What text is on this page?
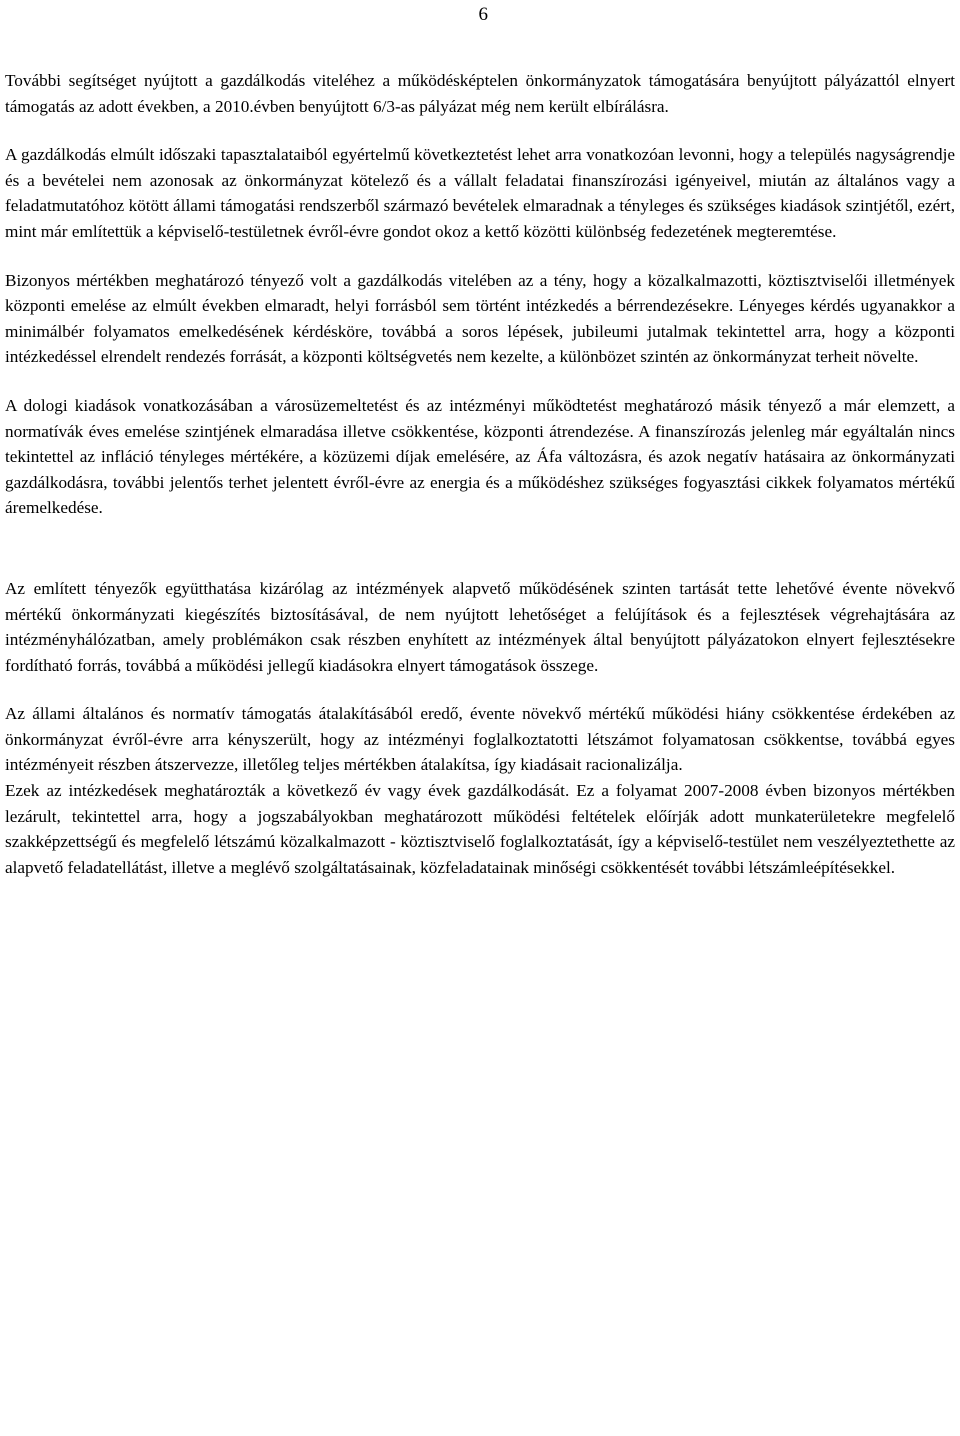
6

További segítséget nyújtott a gazdálkodás viteléhez a működésképtelen önkormányzatok támogatására benyújtott pályázattól elnyert támogatás az adott években, a 2010.évben benyújtott 6/3-as pályázat még nem került elbírálásra.

A gazdálkodás elmúlt időszaki tapasztalataiból egyértelmű következtetést lehet arra vonatkozóan levonni, hogy a település nagyságrendje és a bevételei nem azonosak az önkormányzat kötelező és a vállalt feladatai finanszírozási igényeivel, miután az általános vagy a feladatmutatóhoz kötött állami támogatási rendszerből származó bevételek elmaradnak a tényleges és szükséges kiadások szintjétől, ezért, mint már említettük a képviselő-testületnek évről-évre gondot okoz a kettő közötti különbség fedezetének megteremtése.

Bizonyos mértékben meghatározó tényező volt a gazdálkodás vitelében az a tény, hogy a közalkalmazotti, köztisztviselői illetmények központi emelése az elmúlt években elmaradt, helyi forrásból sem történt intézkedés a bérrendezésekre. Lényeges kérdés ugyanakkor a minimálbér folyamatos emelkedésének kérdésköre, továbbá a soros lépések, jubileumi jutalmak tekintettel arra, hogy a központi intézkedéssel elrendelt rendezés forrását, a központi költségvetés nem kezelte, a különbözet szintén az önkormányzat terheit növelte.

A dologi kiadások vonatkozásában a városüzemeltetést és az intézményi működtetést meghatározó másik tényező a már elemzett, a normatívák éves emelése szintjének elmaradása illetve csökkentése, központi átrendezése. A finanszírozás jelenleg már egyáltalán nincs tekintettel az infláció tényleges mértékére, a közüzemi díjak emelésére, az Áfa változásra, és azok negatív hatásaira az önkormányzati gazdálkodásra, további jelentős terhet jelentett évről-évre az energia és a működéshez szükséges fogyasztási cikkek folyamatos mértékű áremelkedése.

Az említett tényezők együtthatása kizárólag az intézmények alapvető működésének szinten tartását tette lehetővé évente növekvő mértékű önkormányzati kiegészítés biztosításával, de nem nyújtott lehetőséget a felújítások és a fejlesztések végrehajtására az intézményhálózatban, amely problémákon csak részben enyhített az intézmények által benyújtott pályázatokon elnyert fejlesztésekre fordítható forrás, továbbá a működési jellegű kiadásokra elnyert támogatások összege.

Az állami általános és normatív támogatás átalakításából eredő, évente növekvő mértékű működési hiány csökkentése érdekében az önkormányzat évről-évre arra kényszerült, hogy az intézményi foglalkoztatotti létszámot folyamatosan csökkentse, továbbá egyes intézményeit részben átszervezze, illetőleg teljes mértékben átalakítsa, így kiadásait racionalizálja.

Ezek az intézkedések meghatározták a következő év vagy évek gazdálkodását. Ez a folyamat 2007-2008 évben bizonyos mértékben lezárult, tekintettel arra, hogy a jogszabályokban meghatározott működési feltételek előírják adott munkaterületekre megfelelő szakképzettségű és megfelelő létszámú közalkalmazott - köztisztviselő foglalkoztatását, így a képviselő-testület nem veszélyeztethette az alapvető feladatellátást, illetve a meglévő szolgáltatásainak, közfeladatainak minőségi csökkentését további létszámleépítésekkel.
